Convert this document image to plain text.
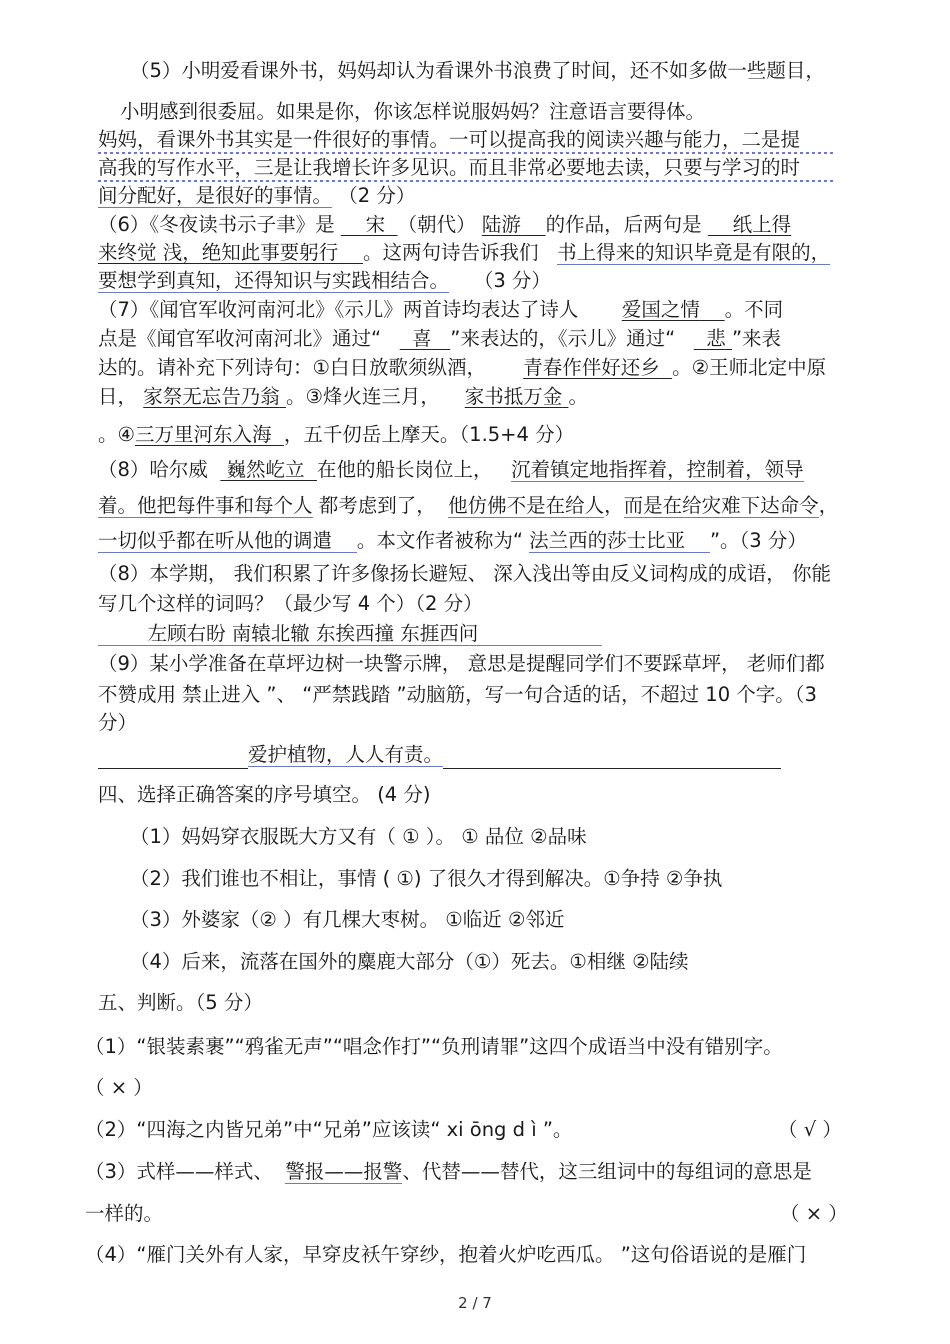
（5）小明爱看课外书，妈妈却认为看课外书浪费了时间，还不如多做一些题目，
小明感到很委屈。如果是你，你该怎样说服妈妈？注意语言要得体。
妈妈，看课外书其实是一件很好的事情。一可以提高我的阅读兴趣与能力，二是提
高我的写作水平，三是让我增长许多见识。而且非常必要地去读，只要与学习的时
间分配好，是很好的事情。 （2 分）
（6）《冬夜读书示子聿》是 宋 （朝代） 陆游 的作品，后两句是 纸上得
来终觉 浅，绝知此事要躬行 。这两句诗告诉我们 书上得来的知识毕竟是有限的，
要想学到真知，还得知识与实践相结合。 （3 分）
（7）《闻官军收河南河北》《示儿》两首诗均表达了诗人 爱国之情 。不同
点是《闻官军收河南河北》通过“ 喜 ”来表达的，《示儿》通过“ 悲 ”来表
达的。请补充下列诗句：①白日放歌须纵酒， 青春作伴好还乡 。②王师北定中原
日， 家祭无忘告乃翁 。③烽火连三月， 家书抵万金 。
。④三万里河东入海 ，五千仞岳上摩天。（1.5+4 分）
（8）哈尔威 巍然屹立 在他的船长岗位上， 沉着镇定地指挥着，控制着，领导
着。他把每件事和每个人 都考虑到了， 他仿佛不是在给人，而是在给灾难下达命令，
一切似乎都在听从他的调遣 。本文作者被称为“ 法兰西的莎士比亚 ”。（3 分）
（8）本学期， 我们积累了许多像扬长避短、 深入浅出等由反义词构成的成语， 你能
写几个这样的词吗？（最少写 4 个）（2 分）
左顾右盼 南辕北辙 东挨西撞 东捱西问
（9）某小学准备在草坪边树一块警示牌， 意思是提醒同学们不要踩草坪， 老师们都
不赞成用 禁止进入 ”、 “严禁践踏 ”动脑筋，写一句合适的话，不超过 10 个字。（3
分）
爱护植物，人人有责。
四、选择正确答案的序号填空。 (4 分)
（1）妈妈穿衣服既大方又有（ ① ）。 ① 品位 ②品味
（2）我们谁也不相让，事情 ( ①) 了很久才得到解决。①争持 ②争执
（3）外婆家（② ）有几棵大枣树。 ①临近 ②邻近
（4）后来，流落在国外的麋鹿大部分（①）死去。①相继 ②陆续
五、判断。（5 分）
（1）“银装素裹”“鸦雀无声”“唱念作打”“负刑请罪”这四个成语当中没有错别字。
（ × ）
（2）“四海之内皆兄弟”中“兄弟”应该读“ xi ōng d ì ”。	（ √ ）
（3）式样——样式、 警报——报警、代替——替代，这三组词中的每组词的意思是
一样的。	（ × ）
（4）“雁门关外有人家，早穿皮袄午穿纱，抱着火炉吃西瓜。 ”这句俗语说的是雁门
2 / 7
